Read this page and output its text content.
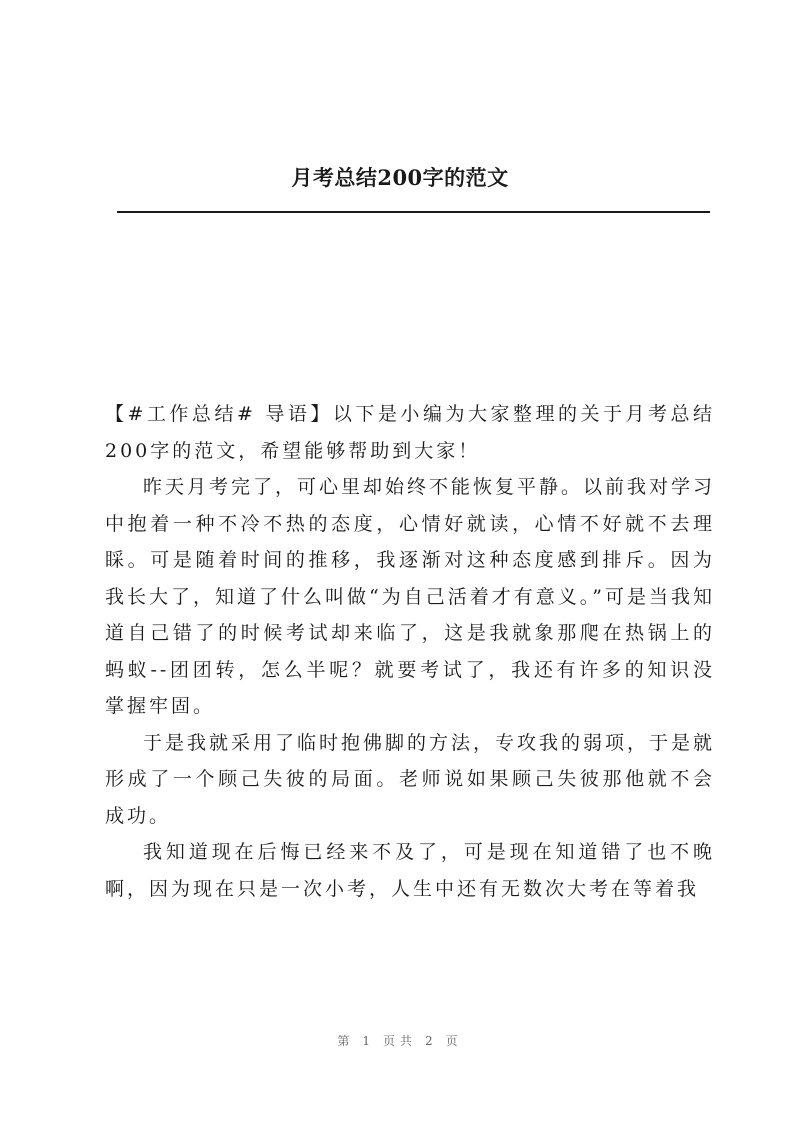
月考总结200字的范文

【#工作总结# 导语】以下是小编为大家整理的关于月考总结200字的范文，希望能够帮助到大家！

昨天月考完了，可心里却始终不能恢复平静。以前我对学习中抱着一种不冷不热的态度，心情好就读，心情不好就不去理睬。可是随着时间的推移，我逐渐对这种态度感到排斥。因为我长大了，知道了什么叫做“为自己活着才有意义。”可是当我知道自己错了的时候考试却来临了，这是我就象那爬在热锅上的蚂蚁--团团转，怎么半呢？就要考试了，我还有许多的知识没掌握牢固。

于是我就采用了临时抱佛脚的方法，专攻我的弱项，于是就形成了一个顾己失彼的局面。老师说如果顾己失彼那他就不会成功。

我知道现在后悔已经来不及了，可是现在知道错了也不晚啊，因为现在只是一次小考，人生中还有无数次大考在等着我

第 1 页共 2 页
